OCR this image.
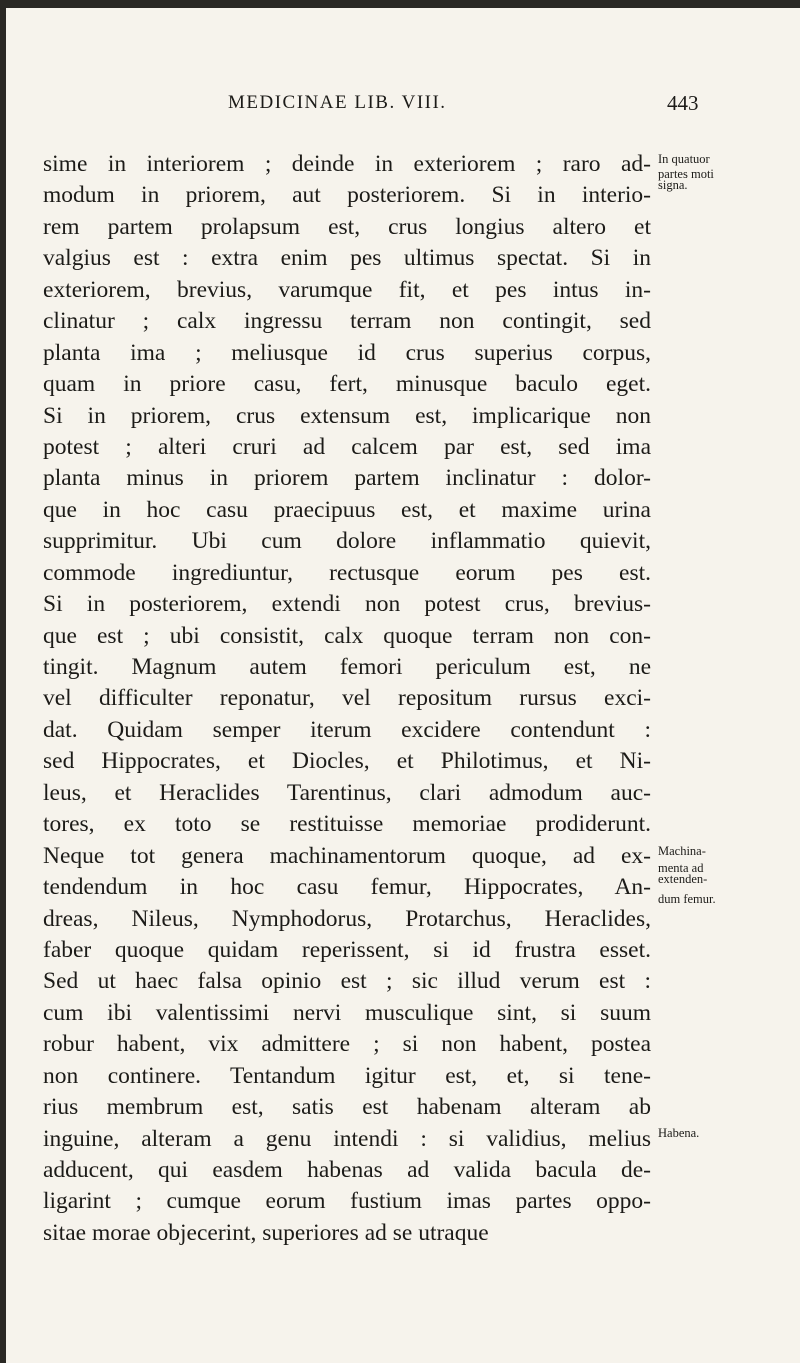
MEDICINAE LIB. VIII.	443
sime in interiorem ; deinde in exteriorem ; raro ad-
modum in priorem, aut posteriorem. Si in interio-
rem partem prolapsum est, crus longius altero et
valgius est : extra enim pes ultimus spectat. Si in
exteriorem, brevius, varumque fit, et pes intus in-
clinatur ; calx ingressu terram non contingit, sed
planta ima ; meliusque id crus superius corpus,
quam in priore casu, fert, minusque baculo eget.
Si in priorem, crus extensum est, implicarique non
potest ; alteri cruri ad calcem par est, sed ima
planta minus in priorem partem inclinatur : dolor-
que in hoc casu praecipuus est, et maxime urina
supprimitur. Ubi cum dolore inflammatio quievit,
commode ingrediuntur, rectusque eorum pes est.
Si in posteriorem, extendi non potest crus, brevius-
que est ; ubi consistit, calx quoque terram non con-
tingit. Magnum autem femori periculum est, ne
vel difficulter reponatur, vel repositum rursus exci-
dat. Quidam semper iterum excidere contendunt :
sed Hippocrates, et Diocles, et Philotimus, et Ni-
leus, et Heraclides Tarentinus, clari admodum auc-
tores, ex toto se restituisse memoriae prodiderunt.
Neque tot genera machinamentorum quoque, ad ex-
tendendum in hoc casu femur, Hippocrates, An-
dreas, Nileus, Nymphodorus, Protarchus, Heraclides,
faber quoque quidam reperissent, si id frustra esset.
Sed ut haec falsa opinio est ; sic illud verum est :
cum ibi valentissimi nervi musculique sint, si suum
robur habent, vix admittere ; si non habent, postea
non continere. Tentandum igitur est, et, si tene-
rius membrum est, satis est habenam alteram ab
inguine, alteram a genu intendi : si validius, melius
adducent, qui easdem habenas ad valida bacula de-
ligarint ; cumque eorum fustium imas partes oppo-
sitae morae objecerint, superiores ad se utraque
In quatuor
partes moti
signa.
Machina-
menta ad
extenden-
dum femur.
Habena.
